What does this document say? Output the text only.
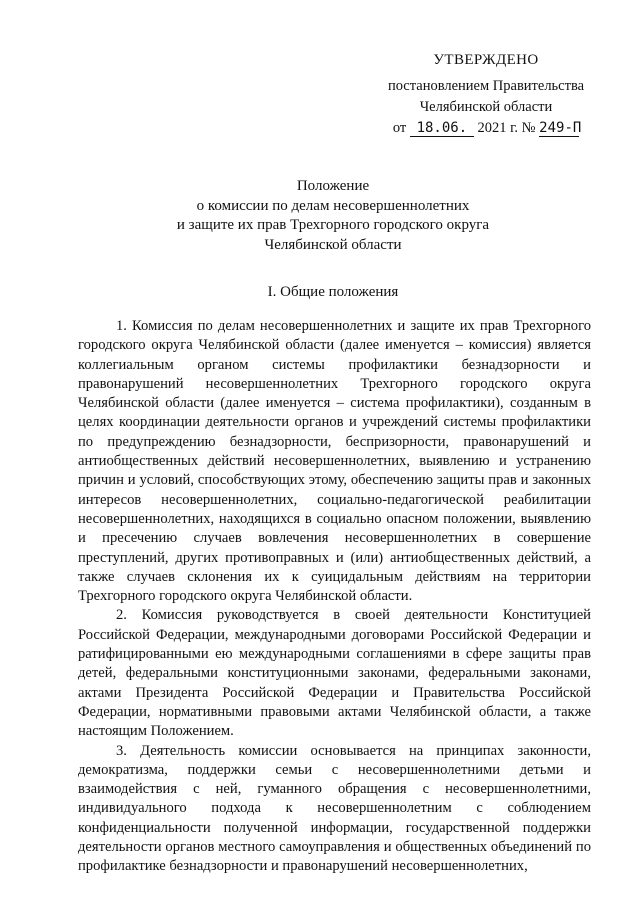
УТВЕРЖДЕНО
постановлением Правительства
Челябинской области
от 18.06. 2021 г. № 249-П
Положение
о комиссии по делам несовершеннолетних
и защите их прав Трехгорного городского округа
Челябинской области
I. Общие положения

1. Комиссия по делам несовершеннолетних и защите их прав Трехгорного городского округа Челябинской области (далее именуется – комиссия) является коллегиальным органом системы профилактики безнадзорности и правонарушений несовершеннолетних Трехгорного городского округа Челябинской области (далее именуется – система профилактики), созданным в целях координации деятельности органов и учреждений системы профилактики по предупреждению безнадзорности, беспризорности, правонарушений и антиобщественных действий несовершеннолетних, выявлению и устранению причин и условий, способствующих этому, обеспечению защиты прав и законных интересов несовершеннолетних, социально-педагогической реабилитации несовершеннолетних, находящихся в социально опасном положении, выявлению и пресечению случаев вовлечения несовершеннолетних в совершение преступлений, других противоправных и (или) антиобщественных действий, а также случаев склонения их к суицидальным действиям на территории Трехгорного городского округа Челябинской области.

2. Комиссия руководствуется в своей деятельности Конституцией Российской Федерации, международными договорами Российской Федерации и ратифицированными ею международными соглашениями в сфере защиты прав детей, федеральными конституционными законами, федеральными законами, актами Президента Российской Федерации и Правительства Российской Федерации, нормативными правовыми актами Челябинской области, а также настоящим Положением.

3. Деятельность комиссии основывается на принципах законности, демократизма, поддержки семьи с несовершеннолетними детьми и взаимодействия с ней, гуманного обращения с несовершеннолетними, индивидуального подхода к несовершеннолетним с соблюдением конфиденциальности полученной информации, государственной поддержки деятельности органов местного самоуправления и общественных объединений по профилактике безнадзорности и правонарушений несовершеннолетних,
